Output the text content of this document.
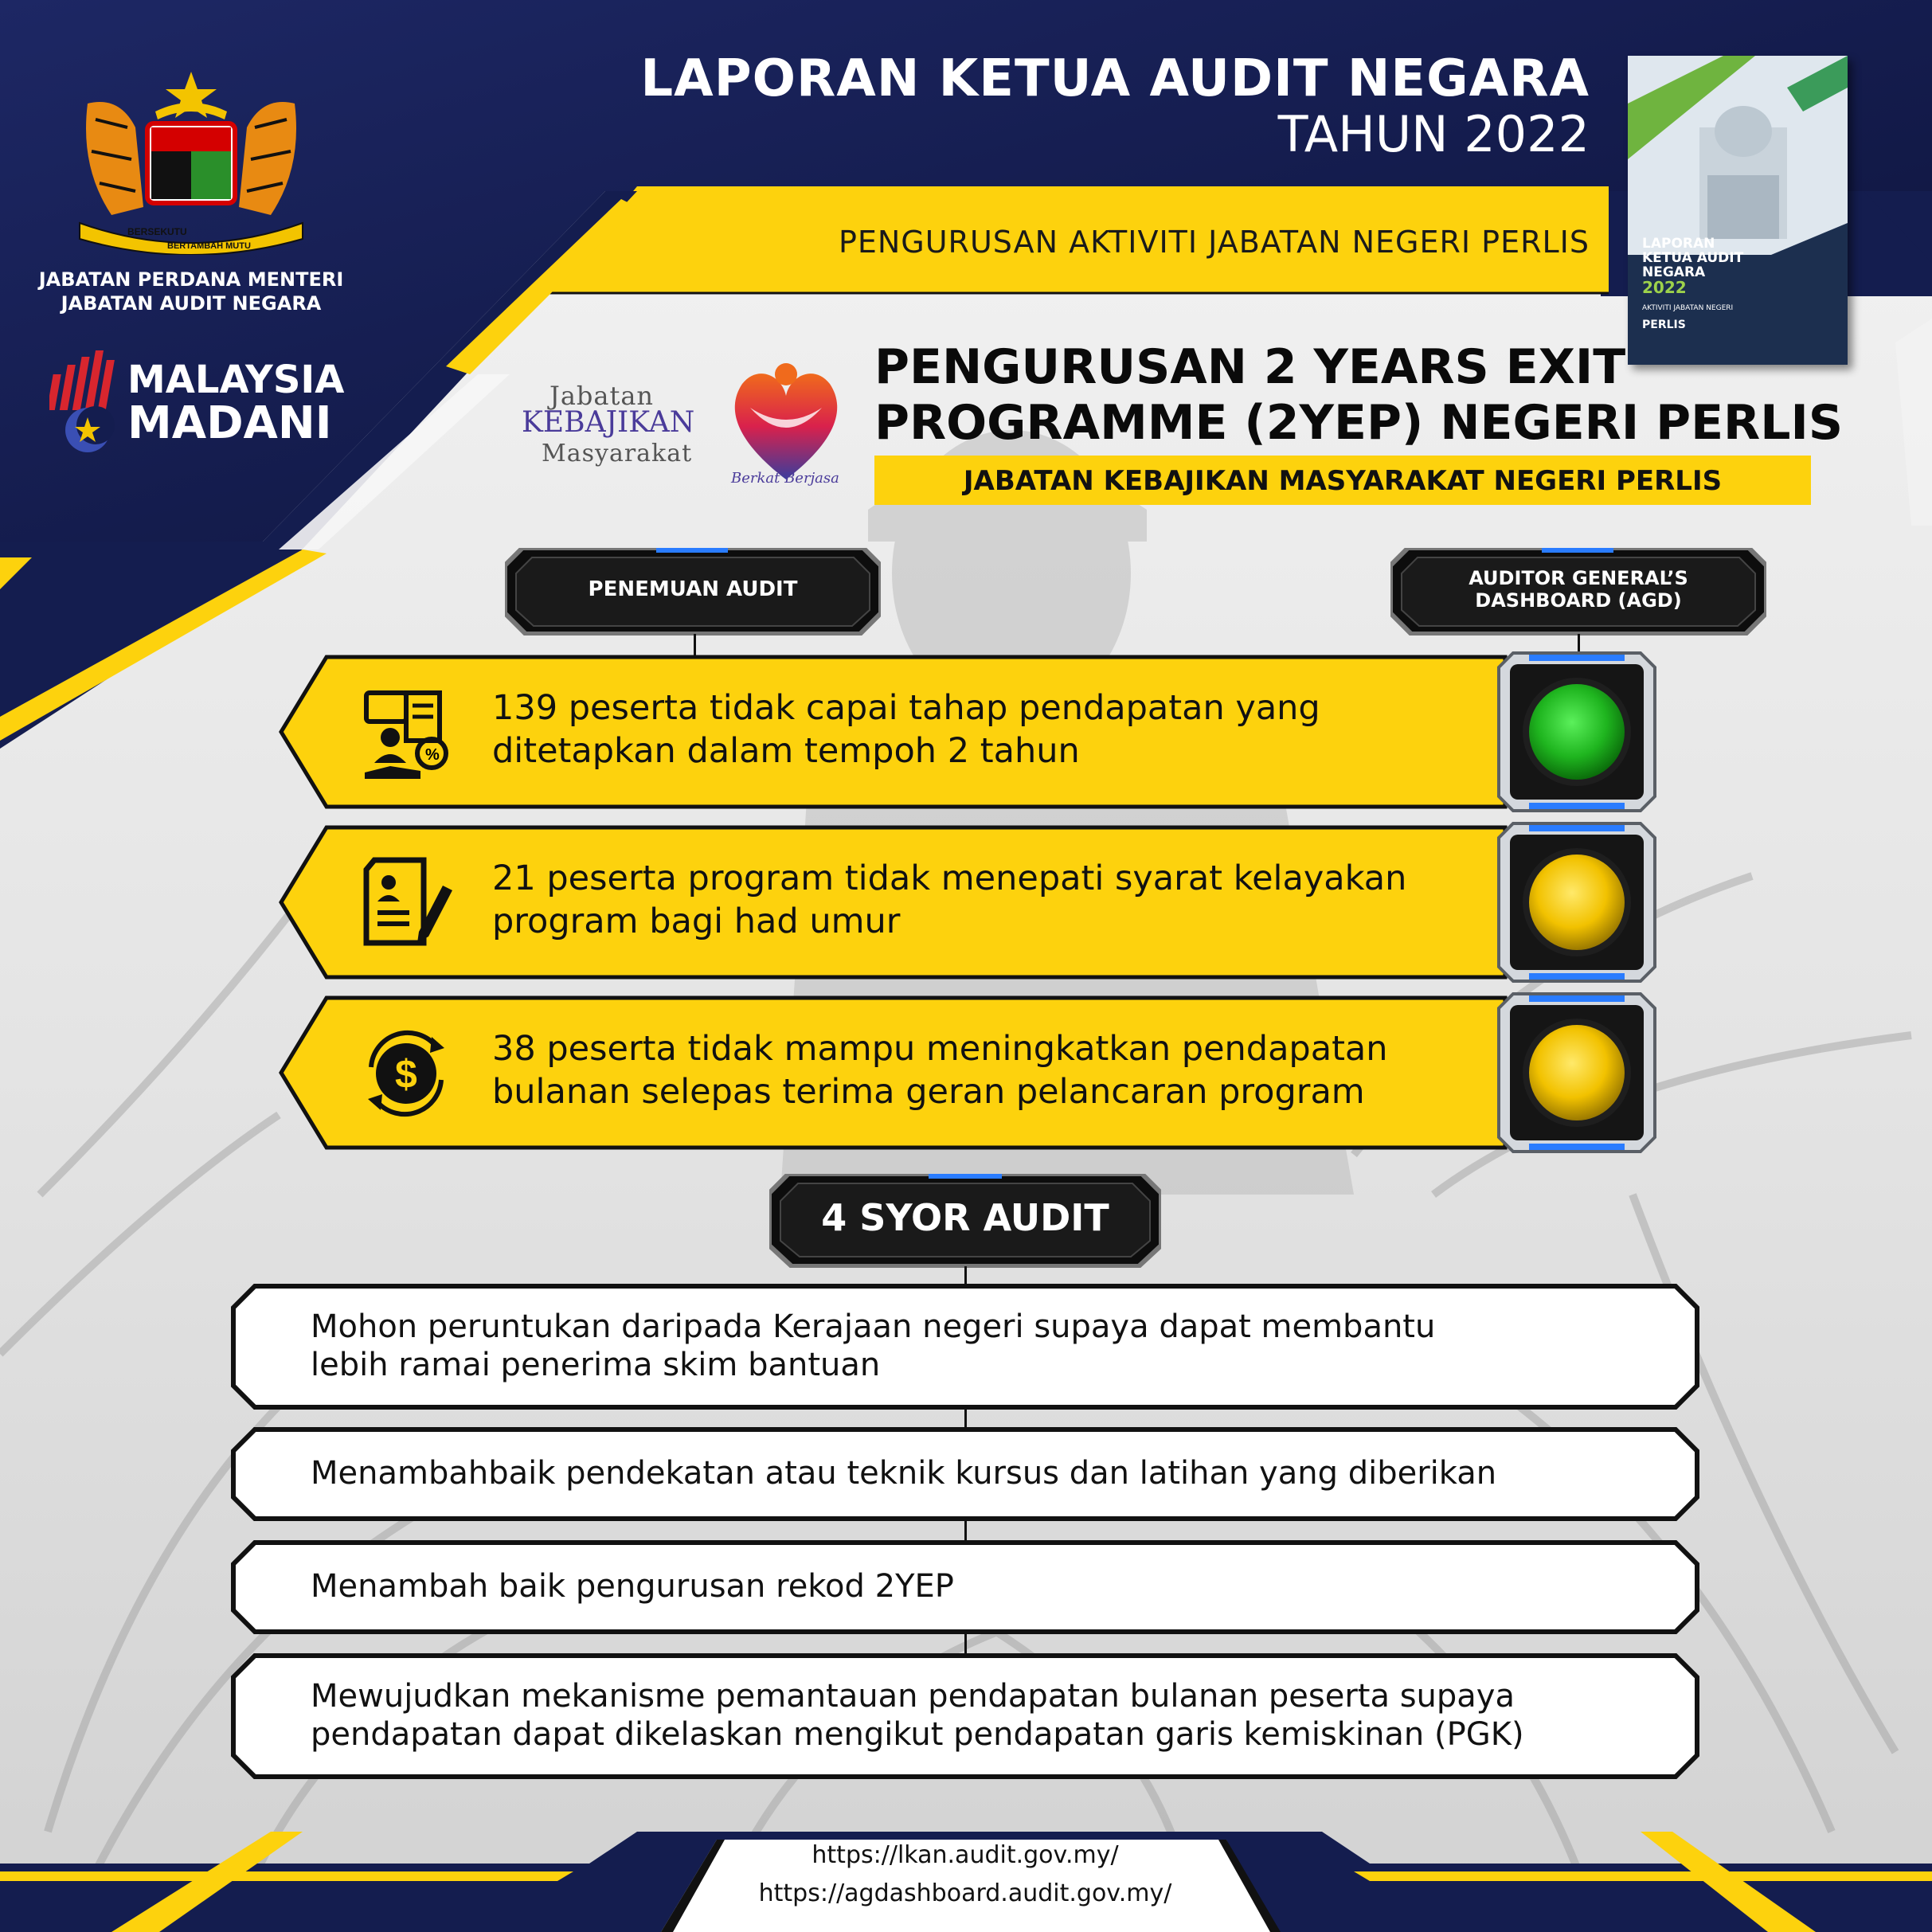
BERSEKUTU
BERTAMBAH MUTU
JABATAN PERDANA MENTERI
JABATAN AUDIT NEGARA
MALAYSIA
MADANI
LAPORAN KETUA AUDIT NEGARA
TAHUN 2022
PENGURUSAN AKTIVITI JABATAN NEGERI PERLIS	LAPORAN
KETUA AUDIT
NEGARA
2022
AKTIVITI JABATAN NEGERI
PERLIS
Jabatan
KEBAJIKAN
Masyarakat
Berkat Berjasa
PENGURUSAN 2 YEARS EXIT
PROGRAMME (2YEP) NEGERI PERLIS
JABATAN KEBAJIKAN MASYARAKAT NEGERI PERLIS
PENEMUAN AUDIT	AUDITOR GENERAL’S
DASHBOARD (AGD)
%
139 peserta tidak capai tahap pendapatan yang
ditetapkan dalam tempoh 2 tahun
21 peserta program tidak menepati syarat kelayakan
program bagi had umur
$
38 peserta tidak mampu meningkatkan pendapatan
bulanan selepas terima geran pelancaran program
4 SYOR AUDIT
Mohon peruntukan daripada Kerajaan negeri supaya dapat membantu
lebih ramai penerima skim bantuan
Menambahbaik pendekatan atau teknik kursus dan latihan yang diberikan
Menambah baik pengurusan rekod 2YEP
Mewujudkan mekanisme pemantauan pendapatan bulanan peserta supaya
pendapatan dapat dikelaskan mengikut pendapatan garis kemiskinan (PGK)
https://lkan.audit.gov.my/
https://agdashboard.audit.gov.my/
